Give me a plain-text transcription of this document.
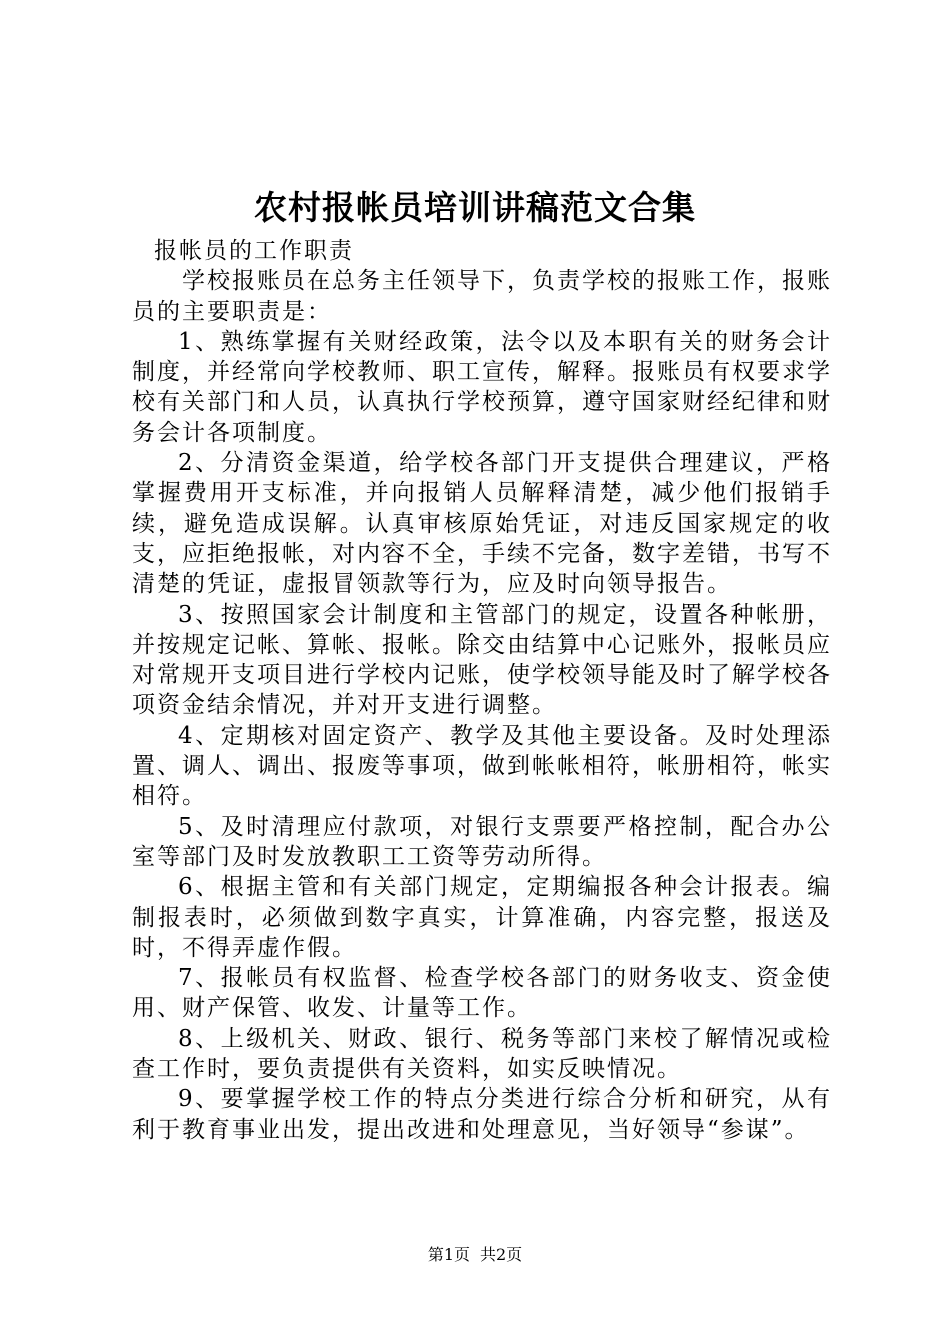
农村报帐员培训讲稿范文合集

报帐员的工作职责

学校报账员在总务主任领导下，负责学校的报账工作，报账员的主要职责是：

1、熟练掌握有关财经政策，法令以及本职有关的财务会计制度，并经常向学校教师、职工宣传，解释。报账员有权要求学校有关部门和人员，认真执行学校预算，遵守国家财经纪律和财务会计各项制度。

2、分清资金渠道，给学校各部门开支提供合理建议，严格掌握费用开支标准，并向报销人员解释清楚，减少他们报销手续，避免造成误解。认真审核原始凭证，对违反国家规定的收支，应拒绝报帐，对内容不全，手续不完备，数字差错，书写不清楚的凭证，虚报冒领款等行为，应及时向领导报告。

3、按照国家会计制度和主管部门的规定，设置各种帐册，并按规定记帐、算帐、报帐。除交由结算中心记账外，报帐员应对常规开支项目进行学校内记账，使学校领导能及时了解学校各项资金结余情况，并对开支进行调整。

4、定期核对固定资产、教学及其他主要设备。及时处理添置、调人、调出、报废等事项，做到帐帐相符，帐册相符，帐实相符。

5、及时清理应付款项，对银行支票要严格控制，配合办公室等部门及时发放教职工工资等劳动所得。

6、根据主管和有关部门规定，定期编报各种会计报表。编制报表时，必须做到数字真实，计算准确，内容完整，报送及时，不得弄虚作假。

7、报帐员有权监督、检查学校各部门的财务收支、资金使用、财产保管、收发、计量等工作。

8、上级机关、财政、银行、税务等部门来校了解情况或检查工作时，要负责提供有关资料，如实反映情况。

9、要掌握学校工作的特点分类进行综合分析和研究，从有利于教育事业出发，提出改进和处理意见，当好领导“参谋”。

第1页 共2页
